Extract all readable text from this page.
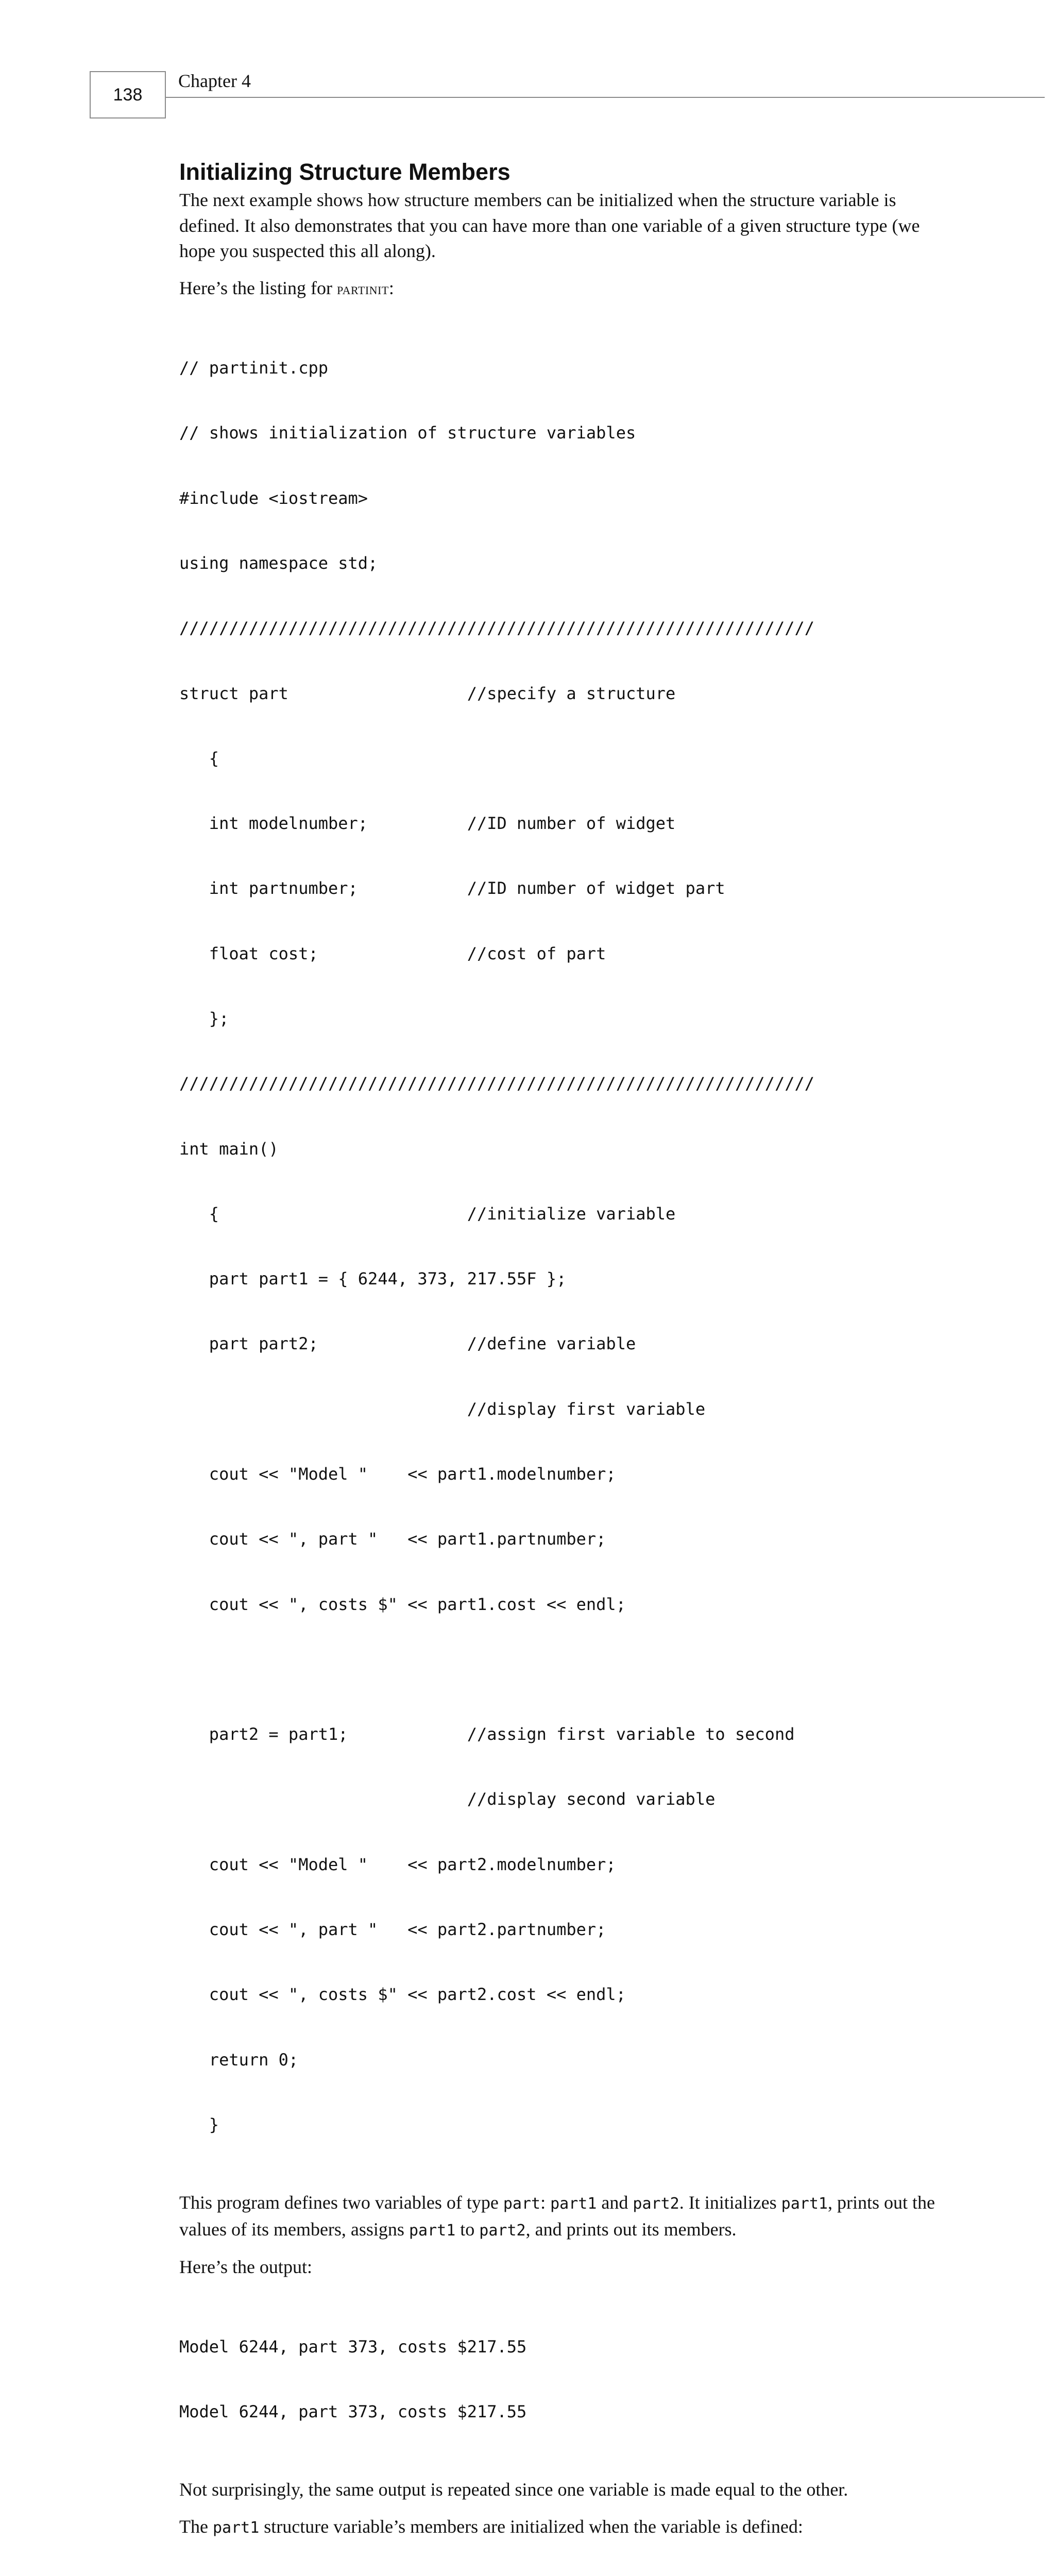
138
Chapter 4
Initializing Structure Members

The next example shows how structure members can be initialized when the structure variable is defined. It also demonstrates that you can have more than one variable of a given structure type (we hope you suspected this all along).

Here’s the listing for partinit:

// partinit.cpp

// shows initialization of structure variables

#include <iostream>

using namespace std;

////////////////////////////////////////////////////////////////

struct part                  //specify a structure

{

int modelnumber;          //ID number of widget

int partnumber;           //ID number of widget part

float cost;               //cost of part

};

////////////////////////////////////////////////////////////////

int main()

{                         //initialize variable

part part1 = { 6244, 373, 217.55F };

part part2;               //define variable

//display first variable

cout << "Model "    << part1.modelnumber;

cout << ", part "   << part1.partnumber;

cout << ", costs $" << part1.cost << endl;

part2 = part1;            //assign first variable to second

//display second variable

cout << "Model "    << part2.modelnumber;

cout << ", part "   << part2.partnumber;

cout << ", costs $" << part2.cost << endl;

return 0;

}

This program defines two variables of type part: part1 and part2. It initializes part1, prints out the values of its members, assigns part1 to part2, and prints out its members.

Here’s the output:

Model 6244, part 373, costs $217.55

Model 6244, part 373, costs $217.55

Not surprisingly, the same output is repeated since one variable is made equal to the other.

The part1 structure variable’s members are initialized when the variable is defined:
